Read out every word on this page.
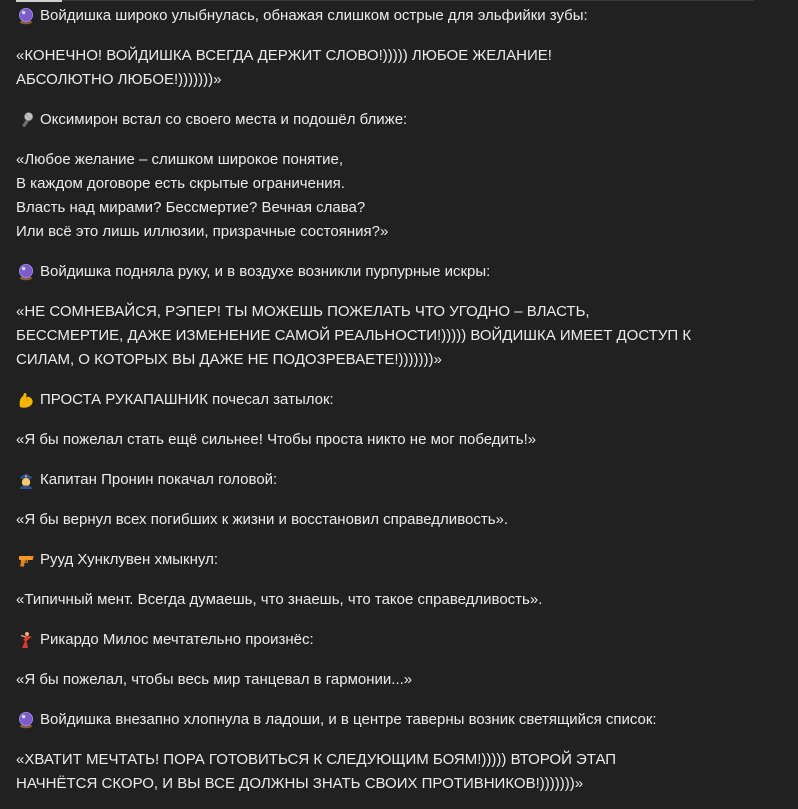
Войдишка широко улыбнулась, обнажая слишком острые для эльфийки зубы:
«КОНЕЧНО! ВОЙДИШКА ВСЕГДА ДЕРЖИТ СЛОВО!))))) ЛЮБОЕ ЖЕЛАНИЕ!
АБСОЛЮТНО ЛЮБОЕ!)))))))»
Оксимирон встал со своего места и подошёл ближе:
«Любое желание – слишком широкое понятие,
В каждом договоре есть скрытые ограничения.
Власть над мирами? Бессмертие? Вечная слава?
Или всё это лишь иллюзии, призрачные состояния?»
Войдишка подняла руку, и в воздухе возникли пурпурные искры:
«НЕ СОМНЕВАЙСЯ, РЭПЕР! ТЫ МОЖЕШЬ ПОЖЕЛАТЬ ЧТО УГОДНО – ВЛАСТЬ,
БЕССМЕРТИЕ, ДАЖЕ ИЗМЕНЕНИЕ САМОЙ РЕАЛЬНОСТИ!))))) ВОЙДИШКА ИМЕЕТ ДОСТУП К
СИЛАМ, О КОТОРЫХ ВЫ ДАЖЕ НЕ ПОДОЗРЕВАЕТЕ!)))))))»
ПРОСТА РУКАПАШНИК почесал затылок:
«Я бы пожелал стать ещё сильнее! Чтобы проста никто не мог победить!»
Капитан Пронин покачал головой:
«Я бы вернул всех погибших к жизни и восстановил справедливость».
Рууд Хунклувен хмыкнул:
«Типичный мент. Всегда думаешь, что знаешь, что такое справедливость».
Рикардо Милос мечтательно произнёс:
«Я бы пожелал, чтобы весь мир танцевал в гармонии...»
Войдишка внезапно хлопнула в ладоши, и в центре таверны возник светящийся список:
«ХВАТИТ МЕЧТАТЬ! ПОРА ГОТОВИТЬСЯ К СЛЕДУЮЩИМ БОЯМ!))))) ВТОРОЙ ЭТАП
НАЧНЁТСЯ СКОРО, И ВЫ ВСЕ ДОЛЖНЫ ЗНАТЬ СВОИХ ПРОТИВНИКОВ!)))))))»
